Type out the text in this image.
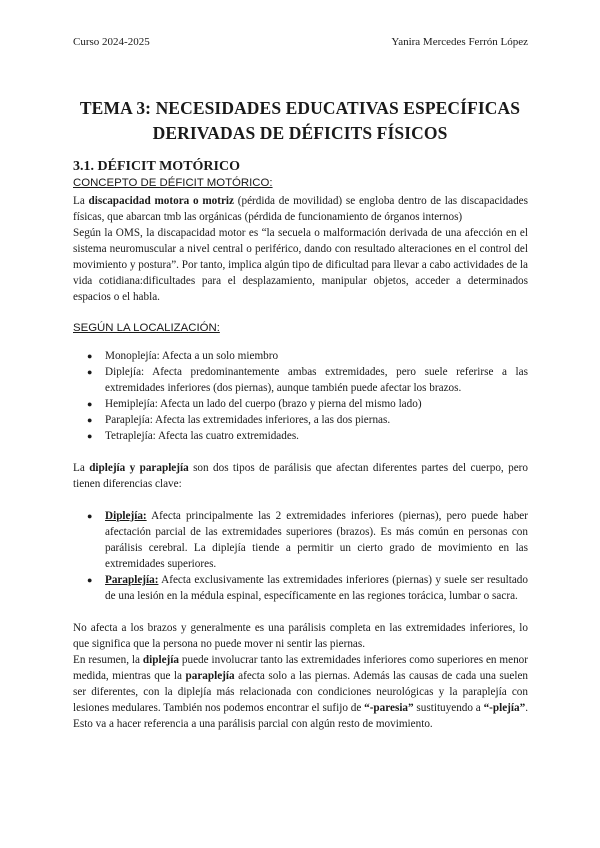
Curso 2024-2025	Yanira Mercedes Ferrón López
TEMA 3: NECESIDADES EDUCATIVAS ESPECÍFICAS
DERIVADAS DE DÉFICITS FÍSICOS
3.1. DÉFICIT MOTÓRICO
CONCEPTO DE DÉFICIT MOTÓRICO:

La discapacidad motora o motriz (pérdida de movilidad) se engloba dentro de las discapacidades físicas, que abarcan tmb las orgánicas (pérdida de funcionamiento de órganos internos)

Según la OMS, la discapacidad motor es “la secuela o malformación derivada de una afección en el sistema neuromuscular a nivel central o periférico, dando con resultado alteraciones en el control del movimiento y postura”. Por tanto, implica algún tipo de dificultad para llevar a cabo actividades de la vida cotidiana:dificultades para el desplazamiento, manipular objetos, acceder a determinados espacios o el habla.

SEGÚN LA LOCALIZACIÓN:
● Monoplejía: Afecta a un solo miembro
● Diplejía: Afecta predominantemente ambas extremidades, pero suele referirse a las extremidades inferiores (dos piernas), aunque también puede afectar los brazos.
● Hemiplejía: Afecta un lado del cuerpo (brazo y pierna del mismo lado)
● Paraplejía: Afecta las extremidades inferiores, a las dos piernas.
● Tetraplejía: Afecta las cuatro extremidades.

La diplejía y paraplejía son dos tipos de parálisis que afectan diferentes partes del cuerpo, pero tienen diferencias clave:

● Diplejía: Afecta principalmente las 2 extremidades inferiores (piernas), pero puede haber afectación parcial de las extremidades superiores (brazos). Es más común en personas con parálisis cerebral. La diplejía tiende a permitir un cierto grado de movimiento en las extremidades superiores.
● Paraplejía: Afecta exclusivamente las extremidades inferiores (piernas) y suele ser resultado de una lesión en la médula espinal, específicamente en las regiones torácica, lumbar o sacra.

No afecta a los brazos y generalmente es una parálisis completa en las extremidades inferiores, lo que significa que la persona no puede mover ni sentir las piernas.

En resumen, la diplejía puede involucrar tanto las extremidades inferiores como superiores en menor medida, mientras que la paraplejía afecta solo a las piernas. Además las causas de cada una suelen ser diferentes, con la diplejía más relacionada con condiciones neurológicas y la paraplejía con lesiones medulares. También nos podemos encontrar el sufijo de “-paresia” sustituyendo a “-plejía”. Esto va a hacer referencia a una parálisis parcial con algún resto de movimiento.
